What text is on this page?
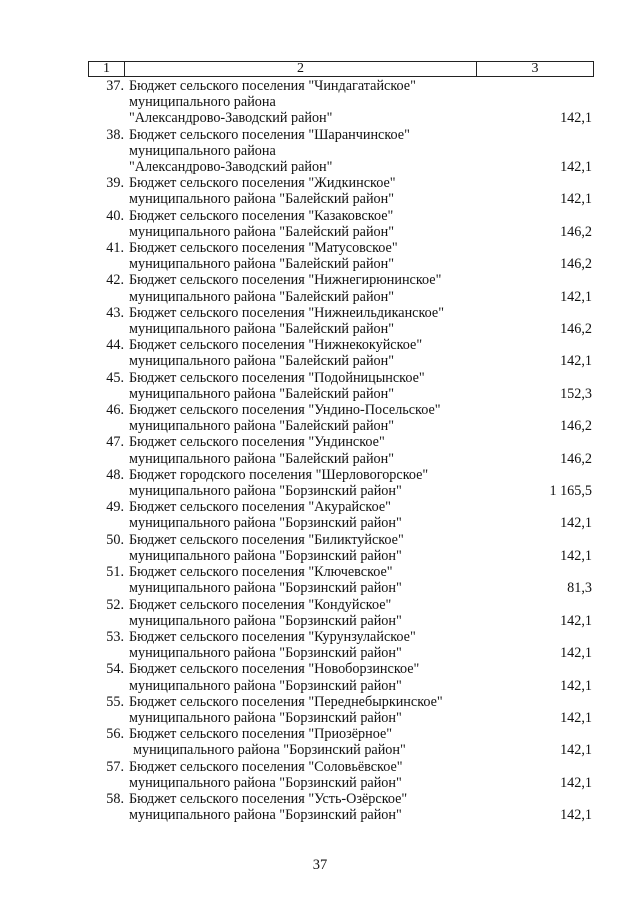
1	2	3
37. Бюджет сельского поселения "Чиндагатайское"
муниципального района
"Александрово-Заводский район"	142,1
38. Бюджет сельского поселения "Шаранчинское"
муниципального района
"Александрово-Заводский район"	142,1
39. Бюджет сельского поселения "Жидкинское"
муниципального района "Балейский район"	142,1
40. Бюджет сельского поселения "Казаковское"
муниципального района "Балейский район"	146,2
41. Бюджет сельского поселения "Матусовское"
муниципального района "Балейский район"	146,2
42. Бюджет сельского поселения "Нижнегирюнинское"
муниципального района "Балейский район"	142,1
43. Бюджет сельского поселения "Нижнеильдиканское"
муниципального района "Балейский район"	146,2
44. Бюджет сельского поселения "Нижнекокуйское"
муниципального района "Балейский район"	142,1
45. Бюджет сельского поселения "Подойницынское"
муниципального района "Балейский район"	152,3
46. Бюджет сельского поселения "Ундино-Посельское"
муниципального района "Балейский район"	146,2
47. Бюджет сельского поселения "Ундинское"
муниципального района "Балейский район"	146,2
48. Бюджет городского поселения "Шерловогорское"
муниципального района "Борзинский район"	1 165,5
49. Бюджет сельского поселения "Акурайское"
муниципального района "Борзинский район"	142,1
50. Бюджет сельского поселения "Биликтуйское"
муниципального района "Борзинский район"	142,1
51. Бюджет сельского поселения "Ключевское"
муниципального района "Борзинский район"	81,3
52. Бюджет сельского поселения "Кондуйское"
муниципального района "Борзинский район"	142,1
53. Бюджет сельского поселения "Курунзулайское"
муниципального района "Борзинский район"	142,1
54. Бюджет сельского поселения "Новоборзинское"
муниципального района "Борзинский район"	142,1
55. Бюджет сельского поселения "Переднебыркинское"
муниципального района "Борзинский район"	142,1
56. Бюджет сельского поселения "Приозёрное"
муниципального района "Борзинский район"	142,1
57. Бюджет сельского поселения "Соловьёвское"
муниципального района "Борзинский район"	142,1
58. Бюджет сельского поселения "Усть-Озёрское"
муниципального района "Борзинский район"	142,1
37
